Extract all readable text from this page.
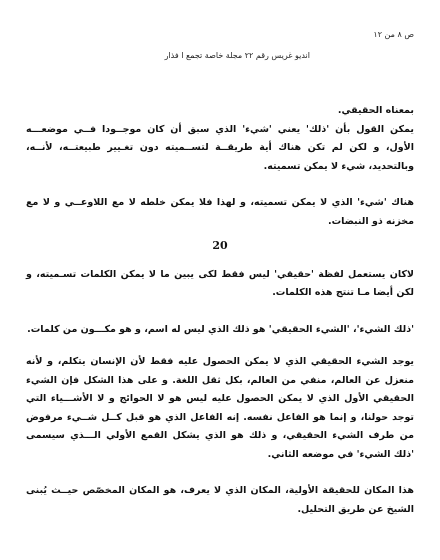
ص ٨ من ١٢
انديو غريس رقم ٢٢ مجلة خاصة تجمع ا فذار

بمعناه الحقيقي.

يمكن القول بأن 'ذلك' يعني 'شيء' الذي سبق أن كان موجــودا فــي موضعـــه الأول، و لكن لم تكن هناك أية طريقــة لتســميته دون تغـيير طبيعتــه، لأنــه، وبالتحديد، شيء لا يمكن تسميته.

هناك 'شيء' الذي لا يمكن تسميته، و لهذا فلا يمكن خلطه لا مع اللاوعــي و لا مع مخزنه ذو النبضات.

20

لاكان يستعمل لفظة 'حقيقي' ليس فقط لكى يبين ما لا يمكن الكلمات تسـميته، و لكن أيضا مـا تنتج هذه الكلمات.

'ذلك الشيء'، 'الشيء الحقيقي' هو ذلك الذي ليس له اسم، و هو مكـــون من كلمات.

يوجد الشيء الحقيقي الذي لا يمكن الحصول عليه فقط لأن الإنسان يتكلم، و لأنه منعزل عن العالم، منفي من العالم، بكل ثقل اللغة. و على هذا الشكل فإن الشيء الحقيقي الأول الذي لا يمكن الحصول عليه ليس هو لا الحوائج و لا الأشـــياء التي توجد حولنا، و إنما هو الفاعل نفسه. إنه الفاعل الذي هو قبل كــل شــيء مرفوض من طرف الشيء الحقيقي، و ذلك هو الذي يشكل القمع الأولي الـــذي سيسمى 'ذلك الشيء' في موضعه الثاني.

هذا المكان للحقيقة الأولية، المكان الذي لا يعرف، هو المكان المخصّص حيــث يُبنى الشيخ عن طريق التحليل.
